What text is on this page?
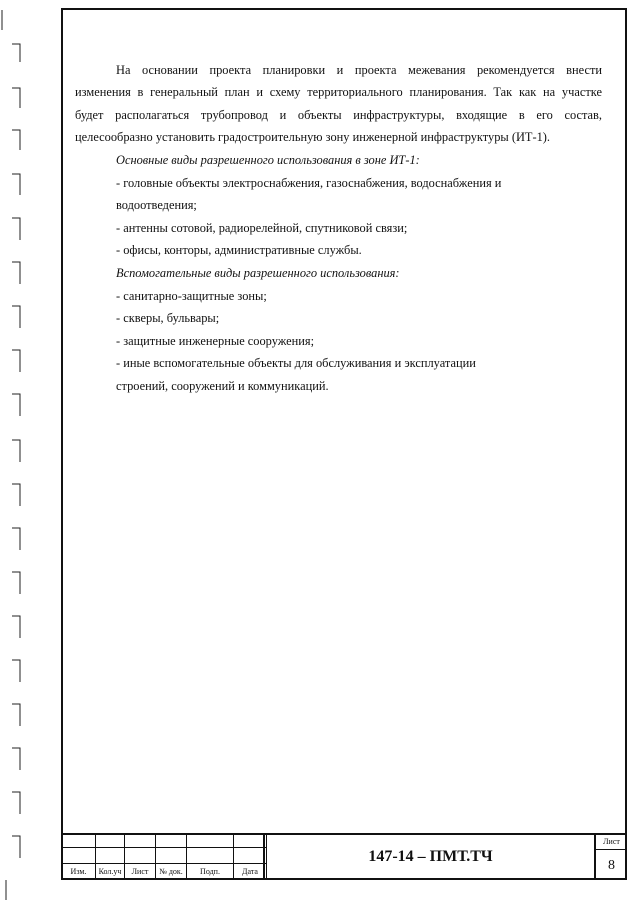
На основании проекта планировки и проекта межевания рекомендуется внести

изменения в генеральный план и схему территориального планирования. Так как на участке

будет располагаться трубопровод и объекты инфраструктуры, входящие в его состав,

целесообразно установить градостроительную зону инженерной инфраструктуры (ИТ-1).

Основные виды разрешенного использования в зоне ИТ-1:

- головные объекты электроснабжения, газоснабжения, водоснабжения и

водоотведения;

- антенны сотовой, радиорелейной, спутниковой связи;

- офисы, конторы, административные службы.

Вспомогательные виды разрешенного использования:

- санитарно-защитные зоны;

- скверы, бульвары;

- защитные инженерные сооружения;

- иные вспомогательные объекты для обслуживания и эксплуатации

строений, сооружений и коммуникаций.

Изм.	Кол.уч	Лист	№ док.	Подп.	Дата
147-14 – ПМТ.ТЧ
Лист
8
